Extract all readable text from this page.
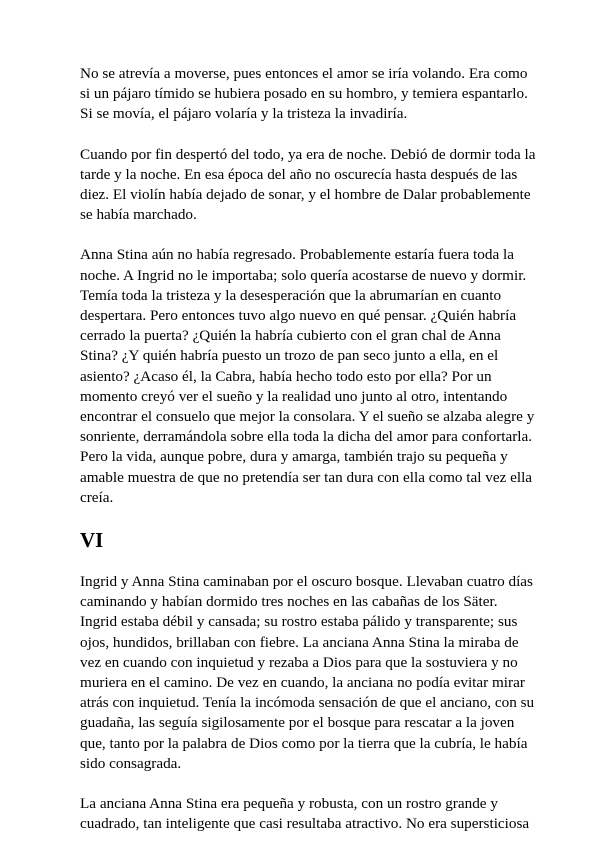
No se atrevía a moverse, pues entonces el amor se iría volando. Era como si un pájaro tímido se hubiera posado en su hombro, y temiera espantarlo. Si se movía, el pájaro volaría y la tristeza la invadiría.

Cuando por fin despertó del todo, ya era de noche. Debió de dormir toda la tarde y la noche. En esa época del año no oscurecía hasta después de las diez. El violín había dejado de sonar, y el hombre de Dalar probablemente se había marchado.

Anna Stina aún no había regresado. Probablemente estaría fuera toda la noche. A Ingrid no le importaba; solo quería acostarse de nuevo y dormir. Temía toda la tristeza y la desesperación que la abrumarían en cuanto despertara. Pero entonces tuvo algo nuevo en qué pensar. ¿Quién habría cerrado la puerta? ¿Quién la habría cubierto con el gran chal de Anna Stina? ¿Y quién habría puesto un trozo de pan seco junto a ella, en el asiento? ¿Acaso él, la Cabra, había hecho todo esto por ella? Por un momento creyó ver el sueño y la realidad uno junto al otro, intentando encontrar el consuelo que mejor la consolara. Y el sueño se alzaba alegre y sonriente, derramándola sobre ella toda la dicha del amor para confortarla. Pero la vida, aunque pobre, dura y amarga, también trajo su pequeña y amable muestra de que no pretendía ser tan dura con ella como tal vez ella creía.

VI

Ingrid y Anna Stina caminaban por el oscuro bosque. Llevaban cuatro días caminando y habían dormido tres noches en las cabañas de los Säter. Ingrid estaba débil y cansada; su rostro estaba pálido y transparente; sus ojos, hundidos, brillaban con fiebre. La anciana Anna Stina la miraba de vez en cuando con inquietud y rezaba a Dios para que la sostuviera y no muriera en el camino. De vez en cuando, la anciana no podía evitar mirar atrás con inquietud. Tenía la incómoda sensación de que el anciano, con su guadaña, las seguía sigilosamente por el bosque para rescatar a la joven que, tanto por la palabra de Dios como por la tierra que la cubría, le había sido consagrada.

La anciana Anna Stina era pequeña y robusta, con un rostro grande y cuadrado, tan inteligente que casi resultaba atractivo. No era supersticiosa
